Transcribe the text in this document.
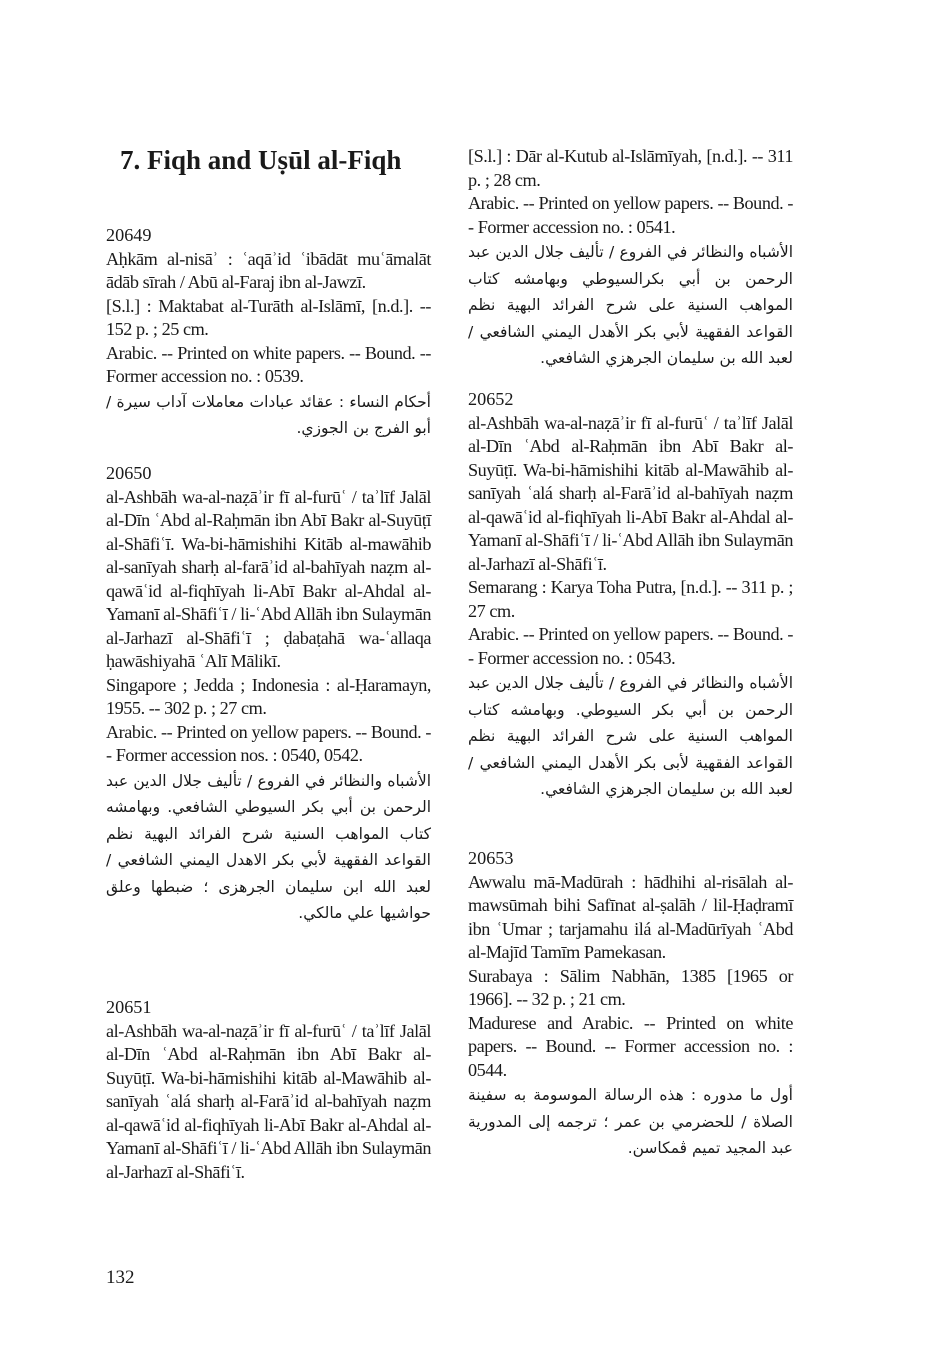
7. Fiqh and Uṣūl al-Fiqh

20649

Aḥkām al-nisāʾ : ʿaqāʾid ʿibādāt muʿāmalāt ādāb sīrah / Abū al-Faraj ibn al-Jawzī.

[S.l.] : Maktabat al-Turāth al-Islāmī, [n.d.]. -- 152 p. ; 25 cm.

Arabic. -- Printed on white papers. -- Bound. -- Former accession no. : 0539.

أحكام النساء : عقائد عبادات معاملات آداب سيرة / أبو الفرج بن الجوزي.

20650

al-Ashbāh wa-al-naẓāʾir fī al-furūʿ / taʾlīf Jalāl al-Dīn ʿAbd al-Raḥmān ibn Abī Bakr al-Suyūṭī al-Shāfiʿī. Wa-bi-hāmishihi Kitāb al-mawāhib al-sanīyah sharḥ al-farāʾid al-bahīyah naẓm al-qawāʿid al-fiqhīyah li-Abī Bakr al-Ahdal al-Yamanī al-Shāfiʿī / li-ʿAbd Allāh ibn Sulaymān al-Jarhazī al-Shāfiʿī ; ḍabaṭahā wa-ʿallaqa ḥawāshiyahā ʿAlī Mālikī.

Singapore ; Jedda ; Indonesia : al-Ḥaramayn, 1955. -- 302 p. ; 27 cm.

Arabic. -- Printed on yellow papers. -- Bound. -- Former accession nos. : 0540, 0542.

الأشباه والنظائر في الفروع / تأليف جلال الدين عبد الرحمن بن أبي بكر السيوطي الشافعي. وبهامشه كتاب المواهب السنية شرح الفرائد البهية نظم القواعد الفقهية لأبي بكر الاهدل اليمني الشافعي / لعبد الله ابن سليمان الجرهزى ؛ ضبطها وعلق حواشيها علي مالكي.

20651

al-Ashbāh wa-al-naẓāʾir fī al-furūʿ / taʾlīf Jalāl al-Dīn ʿAbd al-Raḥmān ibn Abī Bakr al-Suyūṭī. Wa-bi-hāmishihi kitāb al-Mawāhib al-sanīyah ʿalá sharḥ al-Farāʾid al-bahīyah naẓm al-qawāʿid al-fiqhīyah li-Abī Bakr al-Ahdal al-Yamanī al-Shāfiʿī / li-ʿAbd Allāh ibn Sulaymān al-Jarhazī al-Shāfiʿī.

[S.l.] : Dār al-Kutub al-Islāmīyah, [n.d.]. -- 311 p. ; 28 cm.

Arabic. -- Printed on yellow papers. -- Bound. -- Former accession no. : 0541.

الأشباه والنظائر في الفروع / تأليف جلال الدين عبد الرحمن بن أبي بكرالسيوطي وبهامشه كتاب المواهب السنية على شرح الفرائد البهية نظم القواعد الفقهية لأبي بكر الأهدل اليمني الشافعي / لعبد الله بن سليمان الجرهزي الشافعي.

20652

al-Ashbāh wa-al-naẓāʾir fī al-furūʿ / taʾlīf Jalāl al-Dīn ʿAbd al-Raḥmān ibn Abī Bakr al-Suyūṭī. Wa-bi-hāmishihi kitāb al-Mawāhib al-sanīyah ʿalá sharḥ al-Farāʾid al-bahīyah naẓm al-qawāʿid al-fiqhīyah li-Abī Bakr al-Ahdal al-Yamanī al-Shāfiʿī / li-ʿAbd Allāh ibn Sulaymān al-Jarhazī al-Shāfiʿī.

Semarang : Karya Toha Putra, [n.d.]. -- 311 p. ; 27 cm.

Arabic. -- Printed on yellow papers. -- Bound. -- Former accession no. : 0543.

الأشباه والنظائر في الفروع / تأليف جلال الدين عبد الرحمن بن أبي بكر السيوطي. وبهامشه كتاب المواهب السنية على شرح الفرائد البهية نظم القواعد الفقهية لأبى بكر الأهدل اليمني الشافعي / لعبد الله بن سليمان الجرهزي الشافعي.

20653

Awwalu mā-Madūrah : hādhihi al-risālah al-mawsūmah bihi Safīnat al-ṣalāh / lil-Ḥaḍramī ibn ʿUmar ; tarjamahu ilá al-Madūrīyah ʿAbd al-Majīd Tamīm Pamekasan.

Surabaya : Sālim Nabhān, 1385 [1965 or 1966]. -- 32 p. ; 21 cm.

Madurese and Arabic. -- Printed on white papers. -- Bound. -- Former accession no. : 0544.

أول ما مدوره : هذه الرسالة الموسومة به سفينة الصلاة / للحضرمي بن عمر ؛ ترجمه إلى المدورية عبد المجيد تميم ڤمكاسن.

132
